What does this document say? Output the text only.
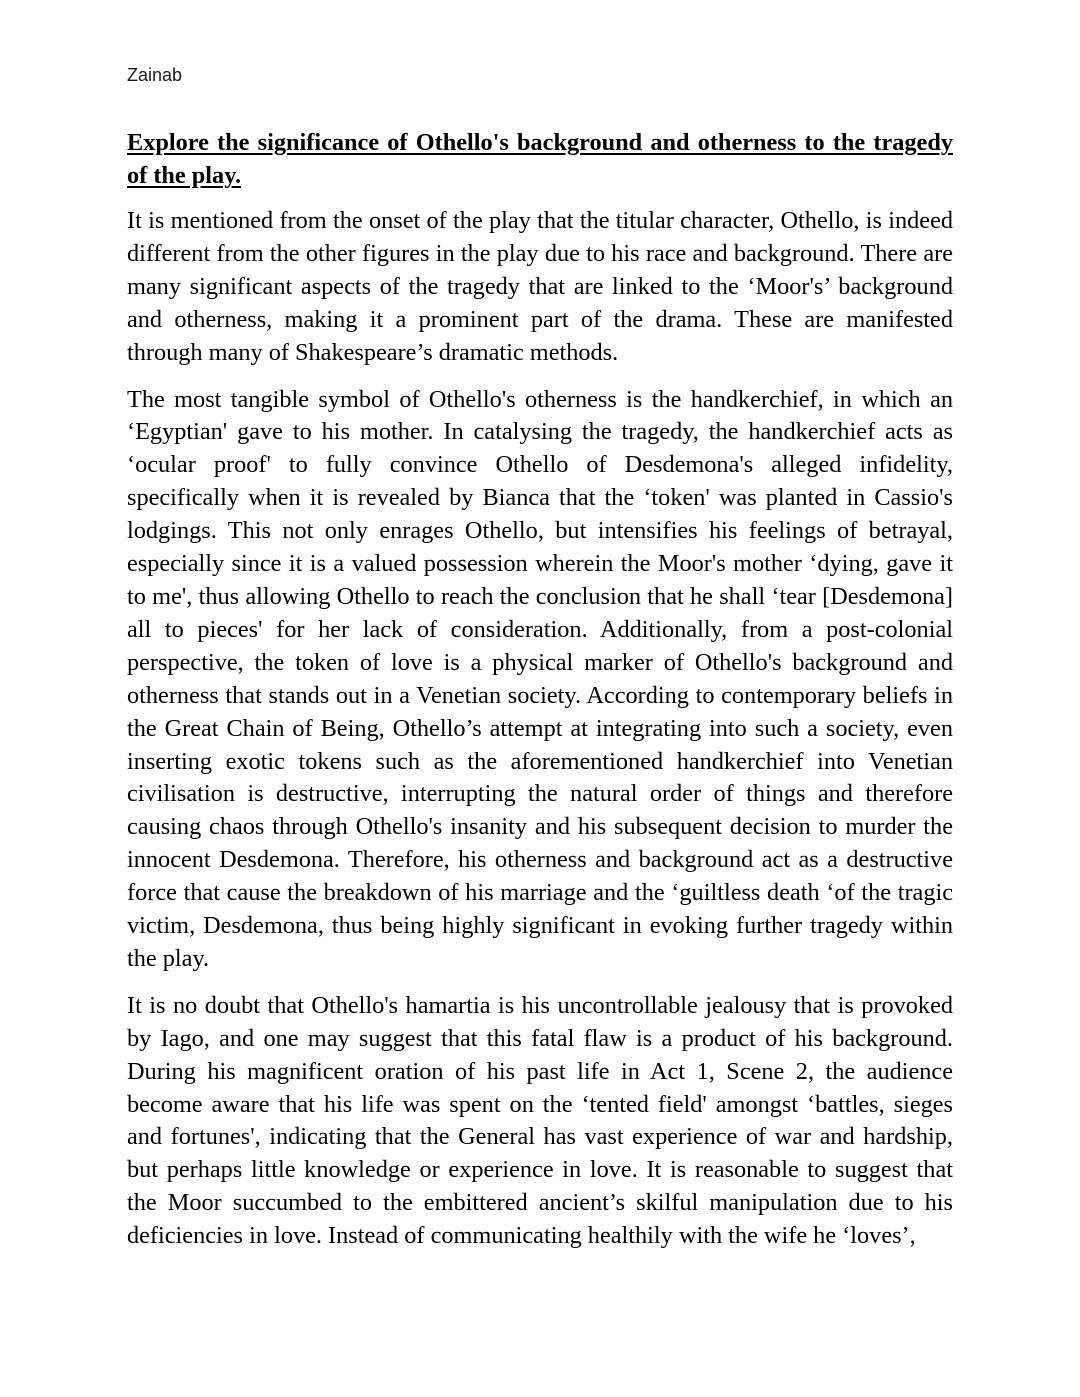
Zainab

Explore the significance of Othello's background and otherness to the tragedy of the play.

It is mentioned from the onset of the play that the titular character, Othello, is indeed different from the other figures in the play due to his race and background. There are many significant aspects of the tragedy that are linked to the ‘Moor's’ background and otherness, making it a prominent part of the drama. These are manifested through many of Shakespeare’s dramatic methods.

The most tangible symbol of Othello's otherness is the handkerchief, in which an ‘Egyptian' gave to his mother. In catalysing the tragedy, the handkerchief acts as ‘ocular proof' to fully convince Othello of Desdemona's alleged infidelity, specifically when it is revealed by Bianca that the ‘token' was planted in Cassio's lodgings. This not only enrages Othello, but intensifies his feelings of betrayal, especially since it is a valued possession wherein the Moor's mother ‘dying, gave it to me', thus allowing Othello to reach the conclusion that he shall ‘tear [Desdemona] all to pieces' for her lack of consideration. Additionally, from a post-colonial perspective, the token of love is a physical marker of Othello's background and otherness that stands out in a Venetian society. According to contemporary beliefs in the Great Chain of Being, Othello’s attempt at integrating into such a society, even inserting exotic tokens such as the aforementioned handkerchief into Venetian civilisation is destructive, interrupting the natural order of things and therefore causing chaos through Othello's insanity and his subsequent decision to murder the innocent Desdemona. Therefore, his otherness and background act as a destructive force that cause the breakdown of his marriage and the ‘guiltless death ‘of the tragic victim, Desdemona, thus being highly significant in evoking further tragedy within the play.

It is no doubt that Othello's hamartia is his uncontrollable jealousy that is provoked by Iago, and one may suggest that this fatal flaw is a product of his background. During his magnificent oration of his past life in Act 1, Scene 2, the audience become aware that his life was spent on the ‘tented field' amongst ‘battles, sieges and fortunes', indicating that the General has vast experience of war and hardship, but perhaps little knowledge or experience in love. It is reasonable to suggest that the Moor succumbed to the embittered ancient’s skilful manipulation due to his deficiencies in love. Instead of communicating healthily with the wife he ‘loves’,
